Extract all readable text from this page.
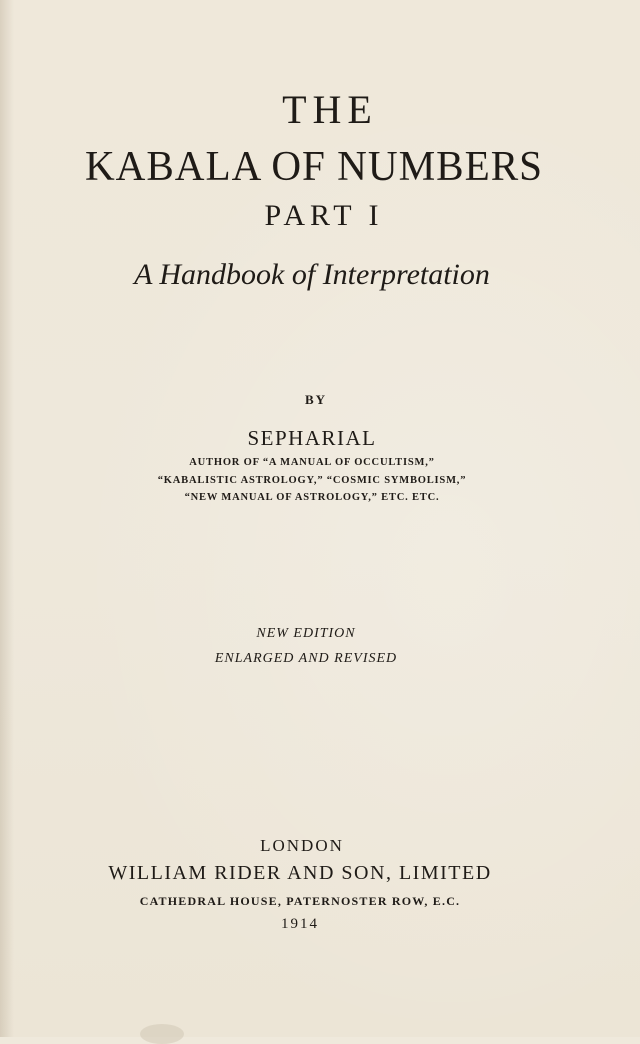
THE
KABALA OF NUMBERS
PART I
A Handbook of Interpretation
BY
SEPHARIAL
AUTHOR OF “A MANUAL OF OCCULTISM,”
“KABALISTIC ASTROLOGY,” “COSMIC SYMBOLISM,”
“NEW MANUAL OF ASTROLOGY,” ETC. ETC.
NEW EDITION
ENLARGED AND REVISED
LONDON
WILLIAM RIDER AND SON, LIMITED
CATHEDRAL HOUSE, PATERNOSTER ROW, E.C.
1914
